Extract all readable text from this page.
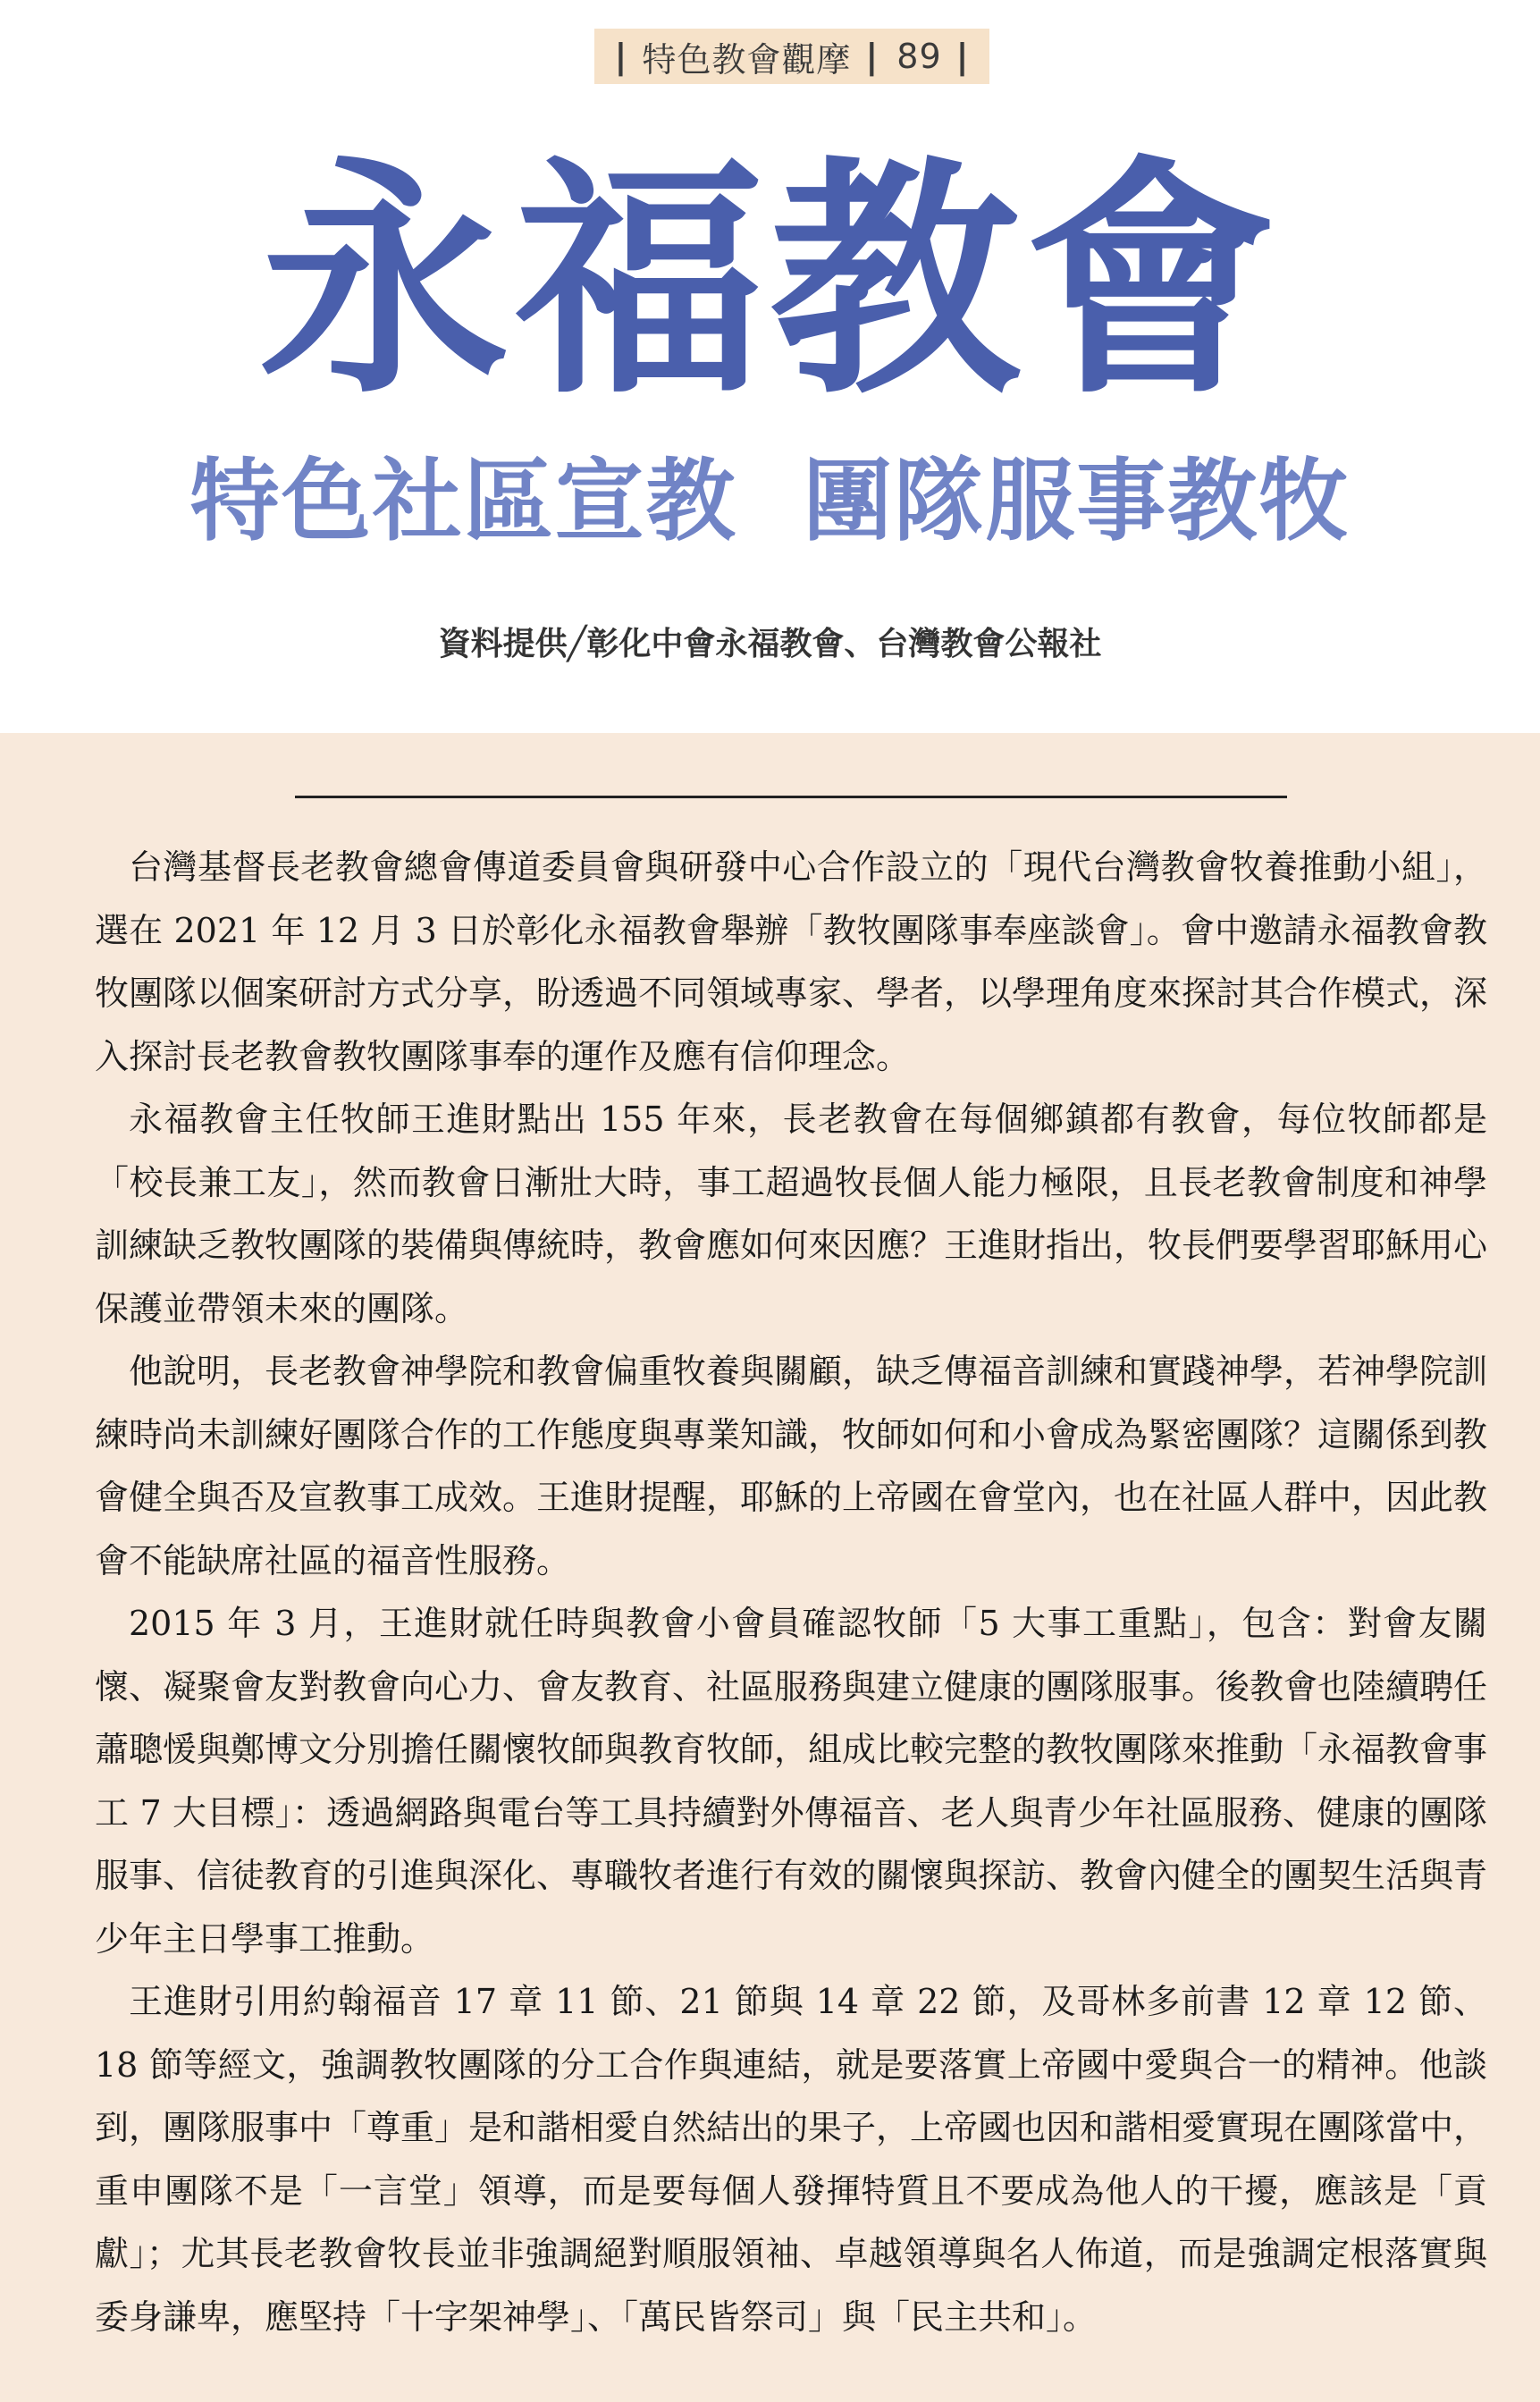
| 特色教會觀摩 | 89 |
永福教會
特色社區宣教  團隊服事教牧
資料提供╱彰化中會永福教會、台灣教會公報社

台灣基督長老教會總會傳道委員會與研發中心合作設立的「現代台灣教會牧養推動小組」，選在 2021 年 12 月 3 日於彰化永福教會舉辦「教牧團隊事奉座談會」。會中邀請永福教會教牧團隊以個案研討方式分享，盼透過不同領域專家、學者，以學理角度來探討其合作模式，深入探討長老教會教牧團隊事奉的運作及應有信仰理念。

永福教會主任牧師王進財點出 155 年來，長老教會在每個鄉鎮都有教會，每位牧師都是「校長兼工友」，然而教會日漸壯大時，事工超過牧長個人能力極限，且長老教會制度和神學訓練缺乏教牧團隊的裝備與傳統時，教會應如何來因應？王進財指出，牧長們要學習耶穌用心保護並帶領未來的團隊。

他說明，長老教會神學院和教會偏重牧養與關顧，缺乏傳福音訓練和實踐神學，若神學院訓練時尚未訓練好團隊合作的工作態度與專業知識，牧師如何和小會成為緊密團隊？這關係到教會健全與否及宣教事工成效。王進財提醒，耶穌的上帝國在會堂內，也在社區人群中，因此教會不能缺席社區的福音性服務。

2015 年 3 月，王進財就任時與教會小會員確認牧師「5 大事工重點」，包含：對會友關懷、凝聚會友對教會向心力、會友教育、社區服務與建立健康的團隊服事。後教會也陸續聘任蕭聰愋與鄭博文分別擔任關懷牧師與教育牧師，組成比較完整的教牧團隊來推動「永福教會事工 7 大目標」：透過網路與電台等工具持續對外傳福音、老人與青少年社區服務、健康的團隊服事、信徒教育的引進與深化、專職牧者進行有效的關懷與探訪、教會內健全的團契生活與青少年主日學事工推動。

王進財引用約翰福音 17 章 11 節、21 節與 14 章 22 節，及哥林多前書 12 章 12 節、18 節等經文，強調教牧團隊的分工合作與連結，就是要落實上帝國中愛與合一的精神。他談到，團隊服事中「尊重」是和諧相愛自然結出的果子，上帝國也因和諧相愛實現在團隊當中，重申團隊不是「一言堂」領導，而是要每個人發揮特質且不要成為他人的干擾，應該是「貢獻」；尤其長老教會牧長並非強調絕對順服領袖、卓越領導與名人佈道，而是強調定根落實與委身謙卑，應堅持「十字架神學」、「萬民皆祭司」與「民主共和」。
